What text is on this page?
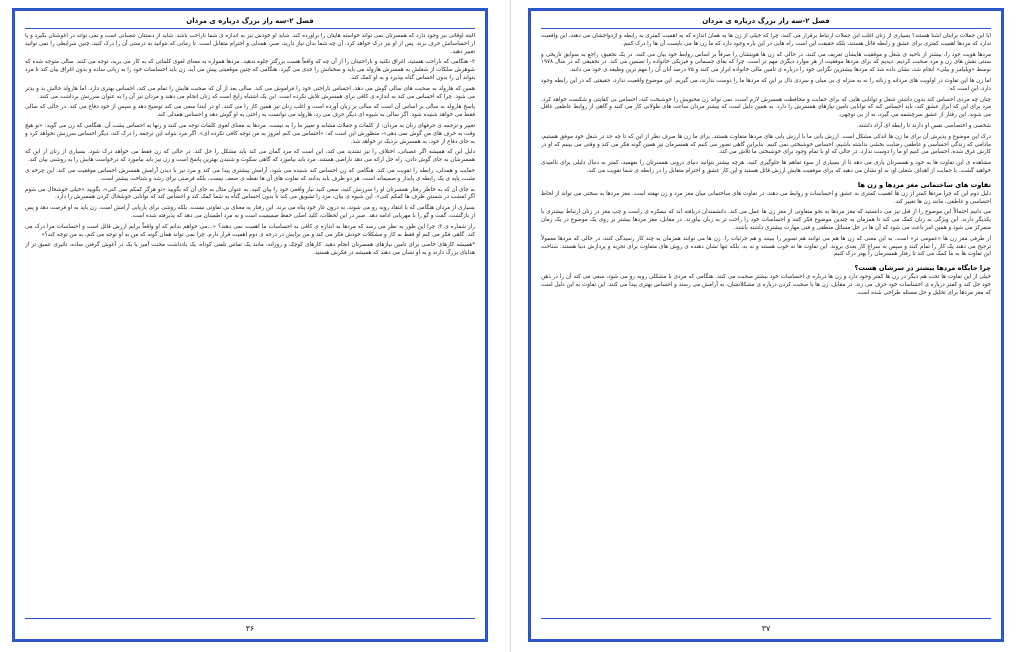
فصل ۲-سه راز بزرگ درباره ی مردان

البته اوقاتی نیز وجود دارد که همسرتان نمی تواند خواسته هایتان را برآورده کند. شاید او خودش نیز به اندازه ی شما ناراحت باشد. شاید از دستتان عصبانی است و نمی تواند در آغوشتان بگیرد و یا از احساساتش حرف بزند. پس از او نیز درک خواهد کرد. آن چه شما بدان نیاز دارید، صبر، همدلی و احترام متقابل است. تا زمانی که نتوانید به درستی آن را درک کنید، چنین شرایطی را نمی توانید تغییر دهید.

۲- هنگامی که ناراحت هستید، اغراق نکنید و ناراحتیتان را از آن چه که واقعاً هست بزرگتر جلوه ندهید. مردها همواره به معنای لغوی کلماتی که به کار می برید، توجه می کنند. سالی متوجه شده که شوهرش سلکات از شغلش به همسرش هارولد می باید و سخنانش را جدی می گیرد. هنگامی که چنین موقعیتی پیش می آید، زن باید احساسات خود را به زبانی ساده و بدون اغراق بیان کند تا مرد بتواند آن را بدون احساس گناه بپذیرد و به او کمک کند.

همین که هارولد به صحبت های سالی گوش می دهد، احساس ناراحتی خود را فراموش می کند. سالی بعد از آن که صحبت هایش را تمام می کند، احساس بهتری دارد. اما هارولد حالش بد و بدتر می شود. چرا که احساس می کند به اندازه ی کافی برای همسرش تلاش نکرده است. این یک اشتباه رایج است که زنان انجام می دهند و مردان نیز آن را به عنوان سرزنش برداشت می کنند.

پاسخ هارولد به سالی بر اساس آن است که سالی بر زبان آورده است و اغلب زنان نیز همین کار را می کنند. او در ابتدا سعی می کند توضیح دهد و سپس از خود دفاع می کند. در حالی که سالی فقط می خواهد شنیده شود. اگر سالی به شیوه ای دیگر حرف می زد، هارولد می توانست به راحتی به او گوش دهد و احساس همدلی کند.

تغییر و ترجمه ی حرفهای زنان به مردان: از کلمات و جملات مشابه و تعبیر ما را به نیست. مردها به معنای لغوی کلمات توجه می کنند و زنها به احساس پشت آن. هنگامی که زن می گوید: «تو هیچ وقت به حرف های من گوش نمی دهی»، منظورش این است که: «احساس می کنم امروز به من توجه کافی نکرده ای». اگر مرد بتواند این ترجمه را درک کند، دیگر احساس سرزنش نخواهد کرد و به جای دفاع از خود، به همسرش نزدیک تر خواهد شد.

دلیل این که همیشه اگر عصبانی، اختلاف را نیز تشدید می کند، این است که مرد گمان می کند باید مشکل را حل کند. در حالی که زن فقط می خواهد درک شود. بسیاری از زنان از این که همسرشان به جای گوش دادن، راه حل ارائه می دهد ناراضی هستند. مرد باید بیاموزد که گاهی سکوت و شنیدن بهترین پاسخ است و زن نیز باید بیاموزد که درخواست هایش را به روشنی بیان کند.

حمایت و همدلی، رابطه را تقویت می کند. هنگامی که زن احساس کند شنیده می شود، آرامش بیشتری پیدا می کند و مرد نیز با دیدن آرامش همسرش احساس موفقیت می کند. این چرخه ی مثبت، پایه ی یک رابطه ی پایدار و صمیمانه است. هر دو طرف باید بدانند که تفاوت های آن ها نقطه ی ضعف نیست، بلکه فرصتی برای رشد و شناخت بیشتر است.

به جای آن که به خاطر رفتار همسرتان او را سرزنش کنید، سعی کنید نیاز واقعی خود را بیان کنید. به عنوان مثال به جای آن که بگویید «تو هرگز کمکم نمی کنی»، بگویید «خیلی خوشحال می شوم اگر امشب در شستن ظرف ها کمکم کنی». این شیوه ی بیان، مرد را تشویق می کند تا بدون احساس گناه به شما کمک کند و احساس کند که توانایی خوشحال کردن همسرش را دارد.

بسیاری از مردان هنگامی که با انتقاد روبه رو می شوند، به درون غار خود پناه می برند. این رفتار به معنای بی تفاوتی نیست، بلکه روشی برای بازیابی آرامش است. زن باید به او فرصت دهد و پس از بازگشت، گفت و گو را با مهربانی ادامه دهد. صبر در این لحظات، کلید اصلی حفظ صمیمیت است و به مرد اطمینان می دهد که پذیرفته شده است.

راز شماره ی ۳: چرا این طور به نظر می رسد که مردها به اندازه ی کافی به احساسات ما اهمیت نمی دهند؟ «...می خواهم بدانم که او واقعاً برایم ارزش قائل است و احساسات مرا درک می کند. گاهی فکر می کنم او فقط به کار و مشکلات خودش فکر می کند و من برایش در درجه ی دوم اهمیت قرار دارم. چرا نمی تواند همان گونه که من به او توجه می کنم، به من توجه کند؟»

*همیشه کارهای خاصی برای تامین نیازهای همسرتان انجام دهید. کارهای کوچک و روزانه، مانند یک تماس تلفنی کوتاه، یک یادداشت محبت آمیز یا یک در آغوش گرفتن ساده، تاثیری عمیق تر از هدایای بزرگ دارند و به او نشان می دهند که همیشه در فکرش هستید.

۳۶
فصل ۲-سه راز بزرگ درباره ی مردان

آیا این جملات برایتان آشنا هستند؟ بسیاری از زنان اغلب این جملات ارتباط برقرار می کنند، چرا که خیلی از زن ها به همان اندازه که به اهمیت کمتری به رابطه و ازدواجشان می دهند، این واقعیت ندارد که مردها اهمیت کمتری برای عشق و رابطه قائل هستند، بلکه حقیقت این است راه هایی در این باره وجود دارد که ما زن ها می بایست آن ها را درک کنیم.

مردها هویت خود را، بیشتر از ناحیه ی شغل و موفقیت هایشان تعریف می کنند، در حالی که زن ها هویتشان را صرفاً بر اساس روابط خود بیان می کنند. در یک تحقیق، راجع به سوابق تاریخی و سنتی نقش های زن و مرد صحبت کردیم. دیدیم که برای مردها موفقیت از هر موارد دیگری مهم تر است. چرا که بقای جسمانی و فیزیکی خانواده را تضمین می کند. در تحقیقی که در سال ۱۹۷۸ توسط «ویلیامز و بیلی» انجام شد، نشان داده شد که مردها بیشترین نگرانی خود را درباره ی تامین مالی خانواده ابراز می کنند و ۷۵ درصد آنان آن را مهم ترین وظیفه ی خود می دانند.

اما زن ها این تفاوت در اولویت های مردانه و زنانه را نه به منزله ی بی میلی و سردی دال بر این که مردها ما را دوست ندارند، می گیریم. این موضوع واقعیت ندارد، حقیقتی که در این رابطه وجود دارد، این است که:

چنان چه مردی احساس کند بدون داشتن شغل و توانایی هایی که برای حمایت و محافظت همسرش لازم است، نمی تواند زن محبوبش را خوشبخت کند، احساس بی کفایتی و شکست خواهد کرد. مرد برای این که ابراز عشق کند، باید احساس کند که توانایی تامین نیازهای همسرش را دارد. به همین دلیل است که بیشتر مردان ساعت های طولانی کار می کنند و گاهی از روابط عاطفی غافل می شوند. این رفتار از عشق سرچشمه می گیرد، نه از بی توجهی.

شخصی و اختصاصی نفس او دارند تا رابطه ای آزاد داشته.

درک این موضوع و پذیرش آن برای ما زن ها اندکی مشکل است. ارزش یابی ما با ارزش یابی های مردها متفاوت هستند. برای ما زن ها صرف نظر از این که تا چه حد در شغل خود موفق هستیم، مادامی که زندگی احساسی و عاطفی رضایت بخشی نداشته باشیم، احساس خوشبختی نمی کنیم. بنابراین گاهی تصور می کنیم که همسرمان نیز همین گونه فکر می کند و وقتی می بینیم که او در کارش غرق شده، احساس می کنیم او ما را دوست ندارد. در حالی که او با تمام وجود برای خوشبختی ما تلاش می کند.

مشاهده ی این تفاوت ها به خود و همسرتان یاری می دهد تا از بسیاری از سوء تفاهم ها جلوگیری کنید. هرچه بیشتر بتوانید دنیای درونی همسرتان را بفهمید، کمتر به دنبال دلیلی برای ناامیدی خواهید گشت. با حمایت از اهداف شغلی او، به او نشان می دهید که برای موفقیت هایش ارزش قائل هستید و این کار عشق و احترام متقابل را در رابطه ی شما تقویت می کند.

تفاوت های ساختمانی مغز مردها و زن ها

دلیل دوم این که چرا مردها کمتر از زن ها اهمیت کمتری به عشق و احساسات و روابط می دهند، در تفاوت های ساختمانی میان مغز مرد و زن نهفته است. مغز مردها به سختی می تواند از لحاظ احساسی و عاطفی، مانند زن ها تغییر کند.

می دانیم احتمالاً این موضوع را از قبل نیز می دانستید که مغز مردها به نحو متفاوتی از مغز زن ها عمل می کند. دانشمندان دریافته اند که نیمکره ی راست و چپ مغز در زنان ارتباط بیشتری با یکدیگر دارند. این ویژگی به زنان کمک می کند تا همزمان به چندین موضوع فکر کنند و احساسات خود را راحت تر به زبان بیاورند. در مقابل، مغز مردها بیشتر بر روی یک موضوع در یک زمان متمرکز می شود و همین امر باعث می شود که آن ها در حل مسائل منطقی و فنی مهارت بیشتری داشته باشند.

از طرفی مغز زن ها «عمومی تر» است. به این معنی که زن ها هم می توانند هم تصویر را ببینند و هم جزئیات را. زن ها می توانند همزمان به چند کار رسیدگی کنند، در حالی که مردها معمولاً ترجیح می دهند یک کار را تمام کنند و سپس به سراغ کار بعدی بروند. این تفاوت ها نه خوب هستند و نه بد، بلکه تنها نشان دهنده ی روش های متفاوت برای تجربه و پردازش دنیا هستند. شناخت این تفاوت ها به ما کمک می کند تا رفتار همسرمان را بهتر درک کنیم.

چرا جایگاه مردها بیشتر در سرشان هست؟

خیلی از این تفاوت ها تحت هم دیگر در زن ها کمتر وجود دارد و زن ها درباره ی احساسات خود بیشتر صحبت می کنند. هنگامی که مردی با مشکلی روبه رو می شود، سعی می کند آن را در ذهن خود حل کند و کمتر درباره ی احساسات خود حرف می زند. در مقابل، زن ها با صحبت کردن درباره ی مشکلاتشان، به آرامش می رسند و احساس بهتری پیدا می کنند. این تفاوت به این دلیل است که مغز مردها برای تحلیل و حل مسئله طراحی شده است.

۳۷
